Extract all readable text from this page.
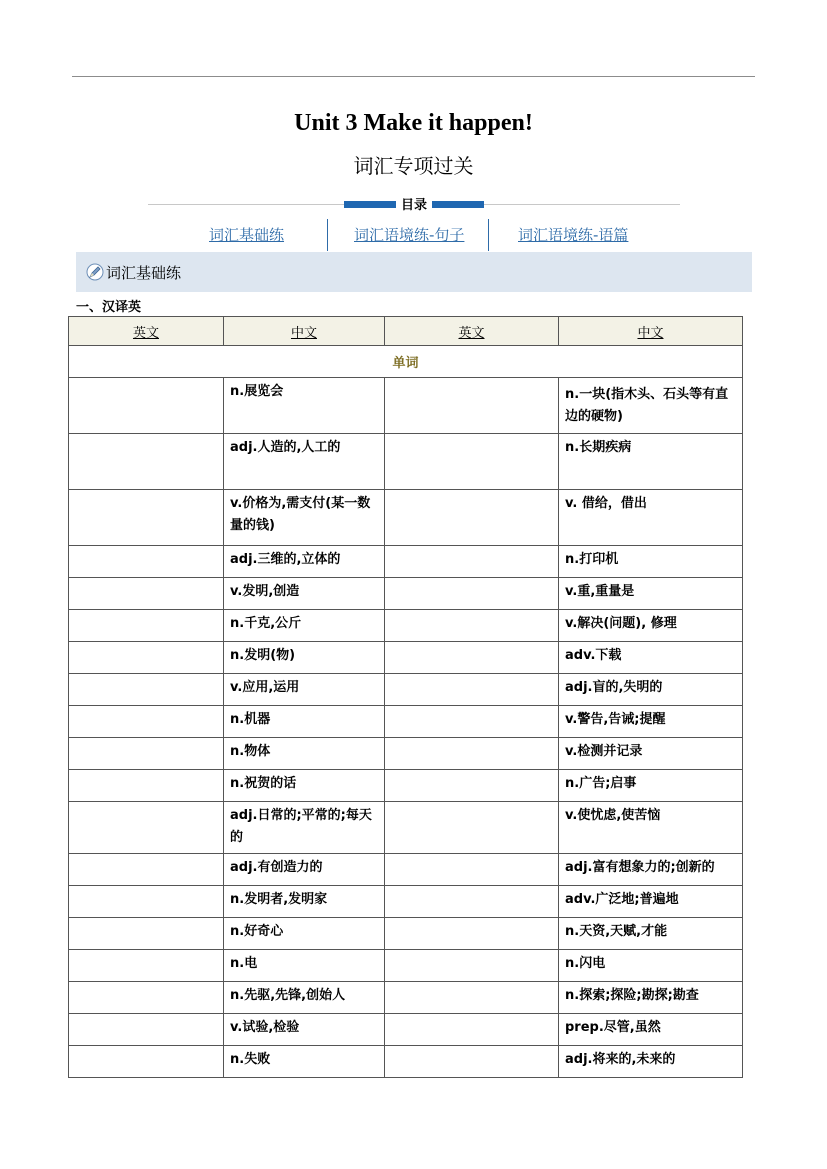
Unit 3 Make it happen!
词汇专项过关
目录
词汇基础练	词汇语境练-句子	词汇语境练-语篇
词汇基础练
一、汉译英
英文	中文	英文	中文
单词			

	n.展览会		n.一块(指木头、石头等有直边的硬物)

	adj.人造的,人工的		n.长期疾病

	v.价格为,需支付(某一数量的钱)		v. 借给，借出

	adj.三维的,立体的		n.打印机

	v.发明,创造		v.重,重量是

	n.千克,公斤		v.解决(问题), 修理

	n.发明(物)		adv.下载

	v.应用,运用		adj.盲的,失明的

	n.机器		v.警告,告诫;提醒

	n.物体		v.检测并记录

	n.祝贺的话		n.广告;启事

	adj.日常的;平常的;每天的		v.使忧虑,使苦恼

	adj.有创造力的		adj.富有想象力的;创新的

	n.发明者,发明家		adv.广泛地;普遍地

	n.好奇心		n.天资,天赋,才能

	n.电		n.闪电

	n.先驱,先锋,创始人		n.探索;探险;勘探;勘查

	v.试验,检验		prep.尽管,虽然

	n.失败		adj.将来的,未来的
